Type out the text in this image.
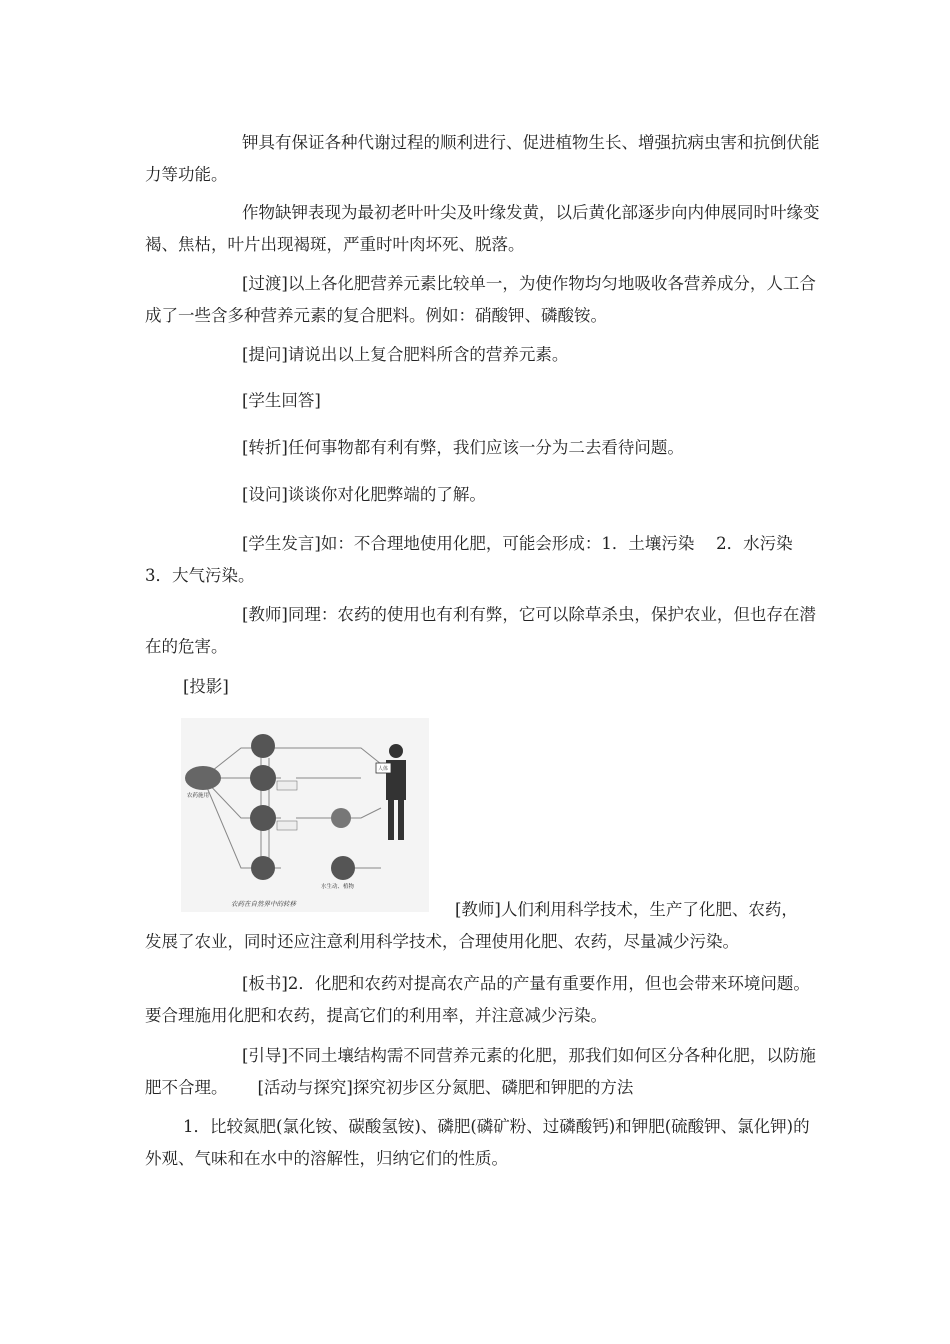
钾具有保证各种代谢过程的顺利进行、促进植物生长、增强抗病虫害和抗倒伏能力等功能。

作物缺钾表现为最初老叶叶尖及叶缘发黄，以后黄化部逐步向内伸展同时叶缘变褐、焦枯，叶片出现褐斑，严重时叶肉坏死、脱落。

[过渡]以上各化肥营养元素比较单一，为使作物均匀地吸收各营养成分，人工合成了一些含多种营养元素的复合肥料。例如：硝酸钾、磷酸铵。

[提问]请说出以上复合肥料所含的营养元素。

[学生回答]

[转折]任何事物都有利有弊，我们应该一分为二去看待问题。

[设问]谈谈你对化肥弊端的了解。

[学生发言]如：不合理地使用化肥，可能会形成：1．土壤污染　 2．水污染　3．大气污染。

[教师]同理：农药的使用也有利有弊，它可以除草杀虫，保护农业，但也存在潜在的危害。

[投影]

农药施用
人体
水生动、植物
农药在自然界中的转移	[教师]人们利用科学技术，生产了化肥、农药，

发展了农业，同时还应注意利用科学技术，合理使用化肥、农药，尽量减少污染。

[板书]2．化肥和农药对提高农产品的产量有重要作用，但也会带来环境问题。要合理施用化肥和农药，提高它们的利用率，并注意减少污染。

[引导]不同土壤结构需不同营养元素的化肥，那我们如何区分各种化肥，以防施肥不合理。　　 [活动与探究]探究初步区分氮肥、磷肥和钾肥的方法

1．比较氮肥(氯化铵、碳酸氢铵)、磷肥(磷矿粉、过磷酸钙)和钾肥(硫酸钾、氯化钾)的外观、气味和在水中的溶解性，归纳它们的性质。
